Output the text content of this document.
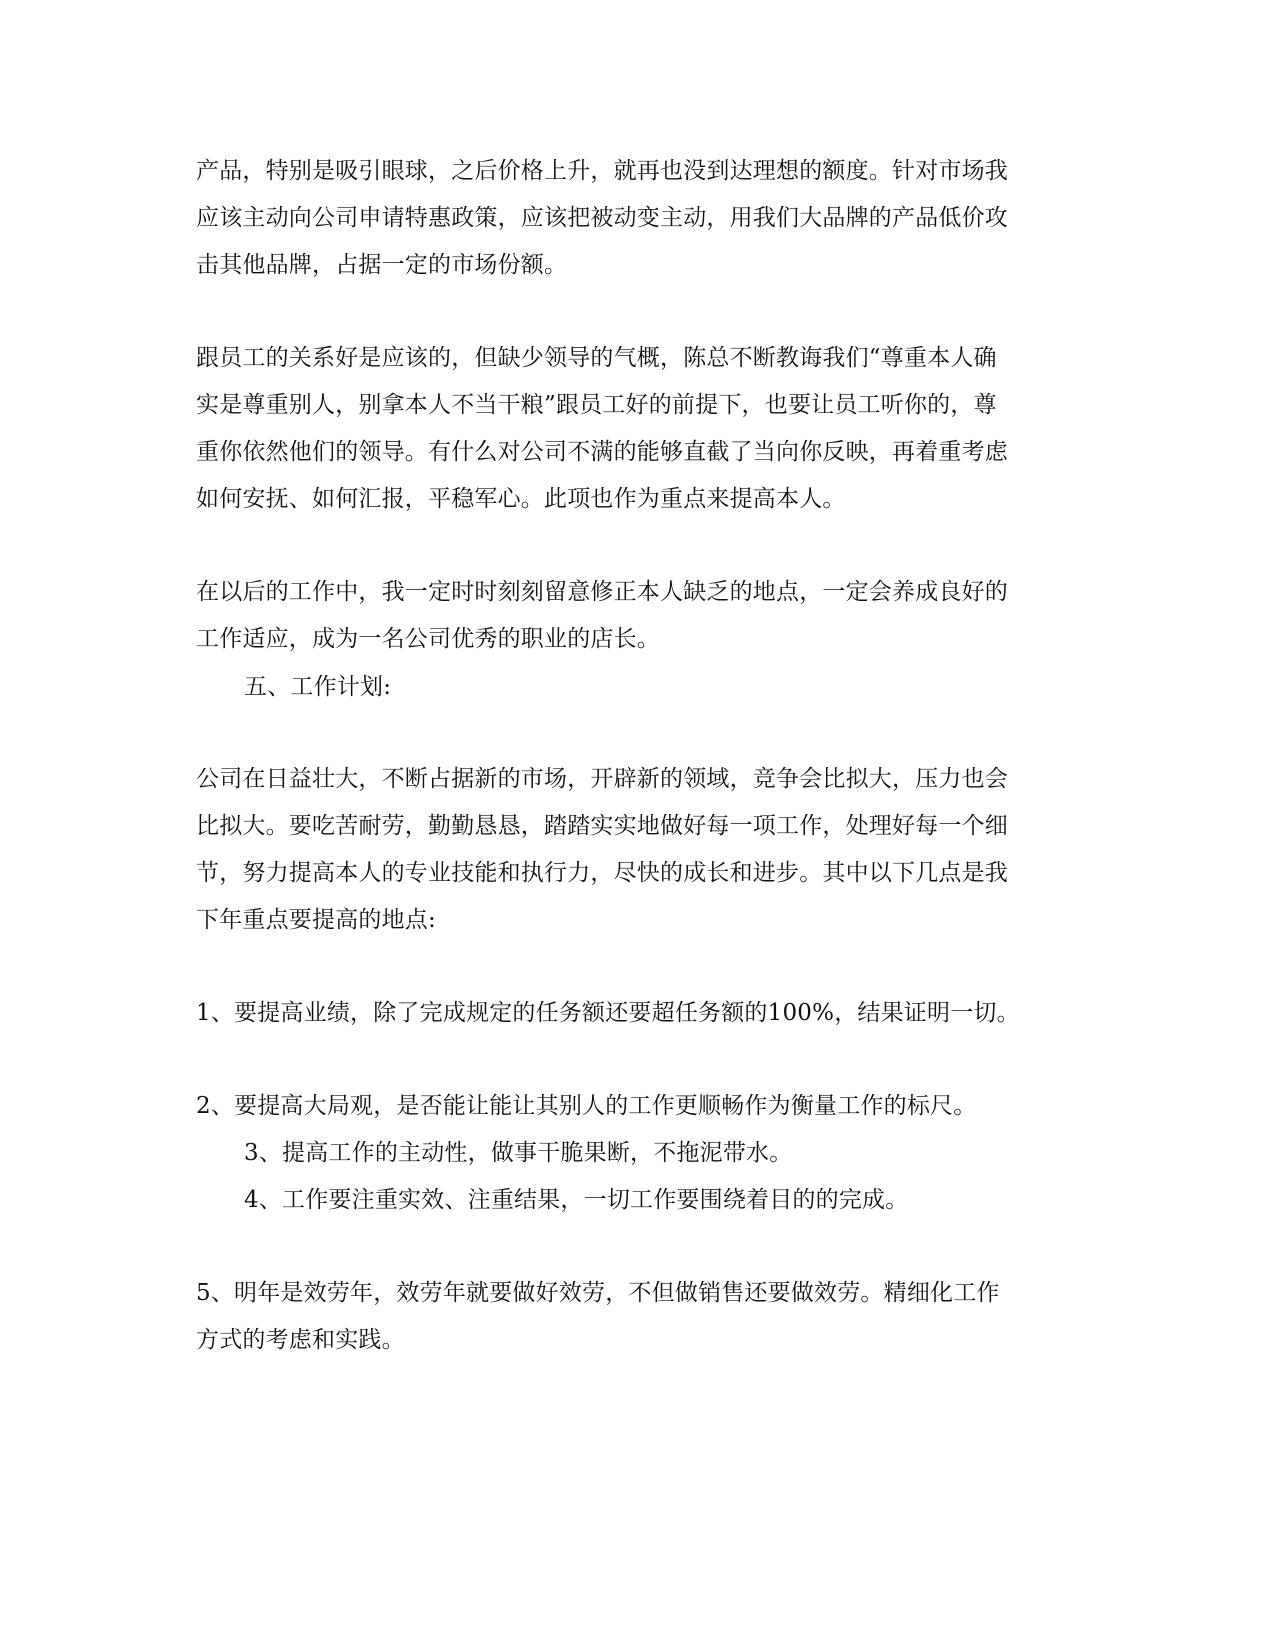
产品，特别是吸引眼球，之后价格上升，就再也没到达理想的额度。针对市场我

应该主动向公司申请特惠政策，应该把被动变主动，用我们大品牌的产品低价攻

击其他品牌，占据一定的市场份额。

跟员工的关系好是应该的，但缺少领导的气概，陈总不断教诲我们“尊重本人确

实是尊重别人，别拿本人不当干粮”跟员工好的前提下，也要让员工听你的，尊

重你依然他们的领导。有什么对公司不满的能够直截了当向你反映，再着重考虑

如何安抚、如何汇报，平稳军心。此项也作为重点来提高本人。

在以后的工作中，我一定时时刻刻留意修正本人缺乏的地点，一定会养成良好的

工作适应，成为一名公司优秀的职业的店长。

五、工作计划:

公司在日益壮大，不断占据新的市场，开辟新的领域，竞争会比拟大，压力也会

比拟大。要吃苦耐劳，勤勤恳恳，踏踏实实地做好每一项工作，处理好每一个细

节，努力提高本人的专业技能和执行力，尽快的成长和进步。其中以下几点是我

下年重点要提高的地点:

1、要提高业绩，除了完成规定的任务额还要超任务额的100%，结果证明一切。

2、要提高大局观，是否能让能让其别人的工作更顺畅作为衡量工作的标尺。

3、提高工作的主动性，做事干脆果断，不拖泥带水。

4、工作要注重实效、注重结果，一切工作要围绕着目的的完成。

5、明年是效劳年，效劳年就要做好效劳，不但做销售还要做效劳。精细化工作

方式的考虑和实践。
